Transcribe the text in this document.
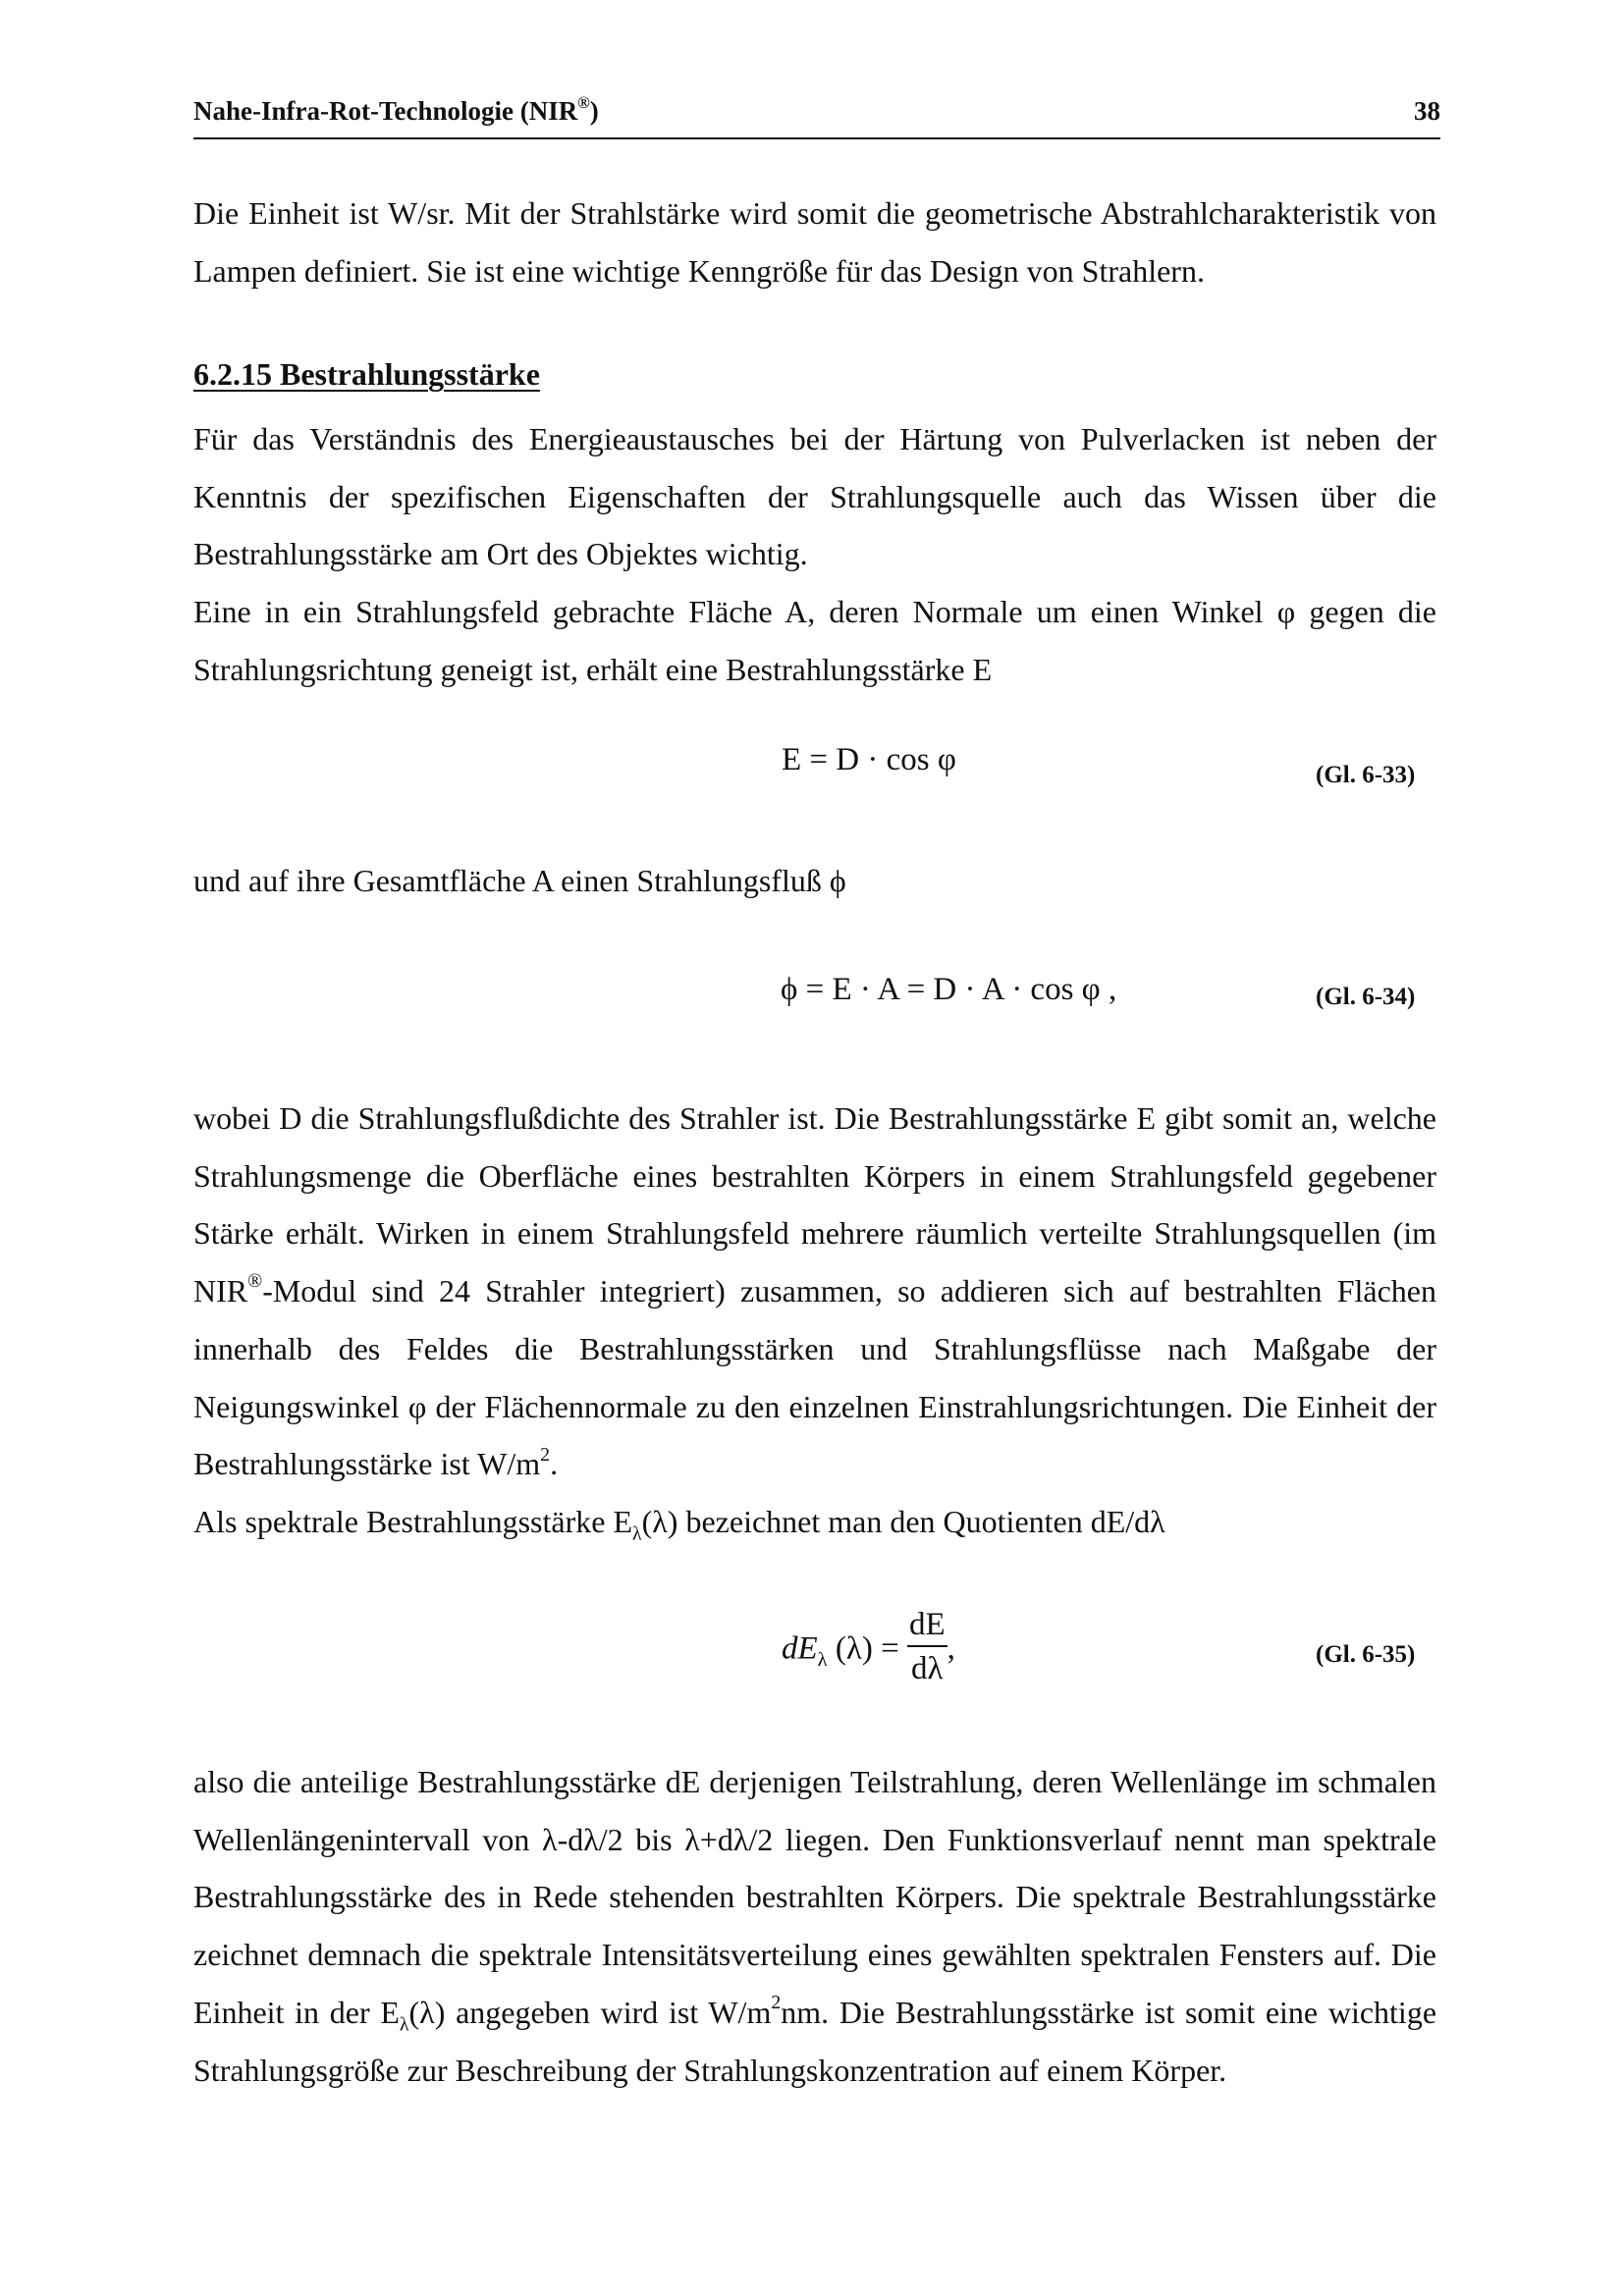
Nahe-Infra-Rot-Technologie (NIR®)	38

Die Einheit ist W/sr. Mit der Strahlstärke wird somit die geometrische Abstrahlcharakteristik von Lampen definiert. Sie ist eine wichtige Kenngröße für das Design von Strahlern.

6.2.15 Bestrahlungsstärke

Für das Verständnis des Energieaustausches bei der Härtung von Pulverlacken ist neben der Kenntnis der spezifischen Eigenschaften der Strahlungsquelle auch das Wissen über die Bestrahlungsstärke am Ort des Objektes wichtig.

Eine in ein Strahlungsfeld gebrachte Fläche A, deren Normale um einen Winkel φ gegen die Strahlungsrichtung geneigt ist, erhält eine Bestrahlungsstärke E

E = D · cos φ	(Gl. 6-33)

und auf ihre Gesamtfläche A einen Strahlungsfluß ϕ

ϕ = E · A = D · A · cos φ ,	(Gl. 6-34)

wobei D die Strahlungsflußdichte des Strahler ist. Die Bestrahlungsstärke E gibt somit an, welche Strahlungsmenge die Oberfläche eines bestrahlten Körpers in einem Strahlungsfeld gegebener Stärke erhält. Wirken in einem Strahlungsfeld mehrere räumlich verteilte Strahlungsquellen (im NIR®-Modul sind 24 Strahler integriert) zusammen, so addieren sich auf bestrahlten Flächen innerhalb des Feldes die Bestrahlungsstärken und Strahlungsflüsse nach Maßgabe der Neigungswinkel φ der Flächennormale zu den einzelnen Einstrahlungsrichtungen. Die Einheit der Bestrahlungsstärke ist $W/m^2$.

Als spektrale Bestrahlungsstärke $E_\lambda(\lambda)$ bezeichnet man den Quotienten dE/dλ

$dE_\lambda$ $(\lambda) = \frac{dE}{d\lambda}$ ,	(Gl. 6-35)

also die anteilige Bestrahlungsstärke dE derjenigen Teilstrahlung, deren Wellenlänge im schmalen Wellenlängenintervall von λ-dλ/2 bis λ+dλ/2 liegen. Den Funktionsverlauf nennt man spektrale Bestrahlungsstärke des in Rede stehenden bestrahlten Körpers. Die spektrale Bestrahlungsstärke zeichnet demnach die spektrale Intensitätsverteilung eines gewählten spektralen Fensters auf. Die Einheit in der $E_\lambda(\lambda)$ angegeben wird ist $W/m^2nm$. Die Bestrahlungsstärke ist somit eine wichtige Strahlungsgröße zur Beschreibung der Strahlungskonzentration auf einem Körper.
